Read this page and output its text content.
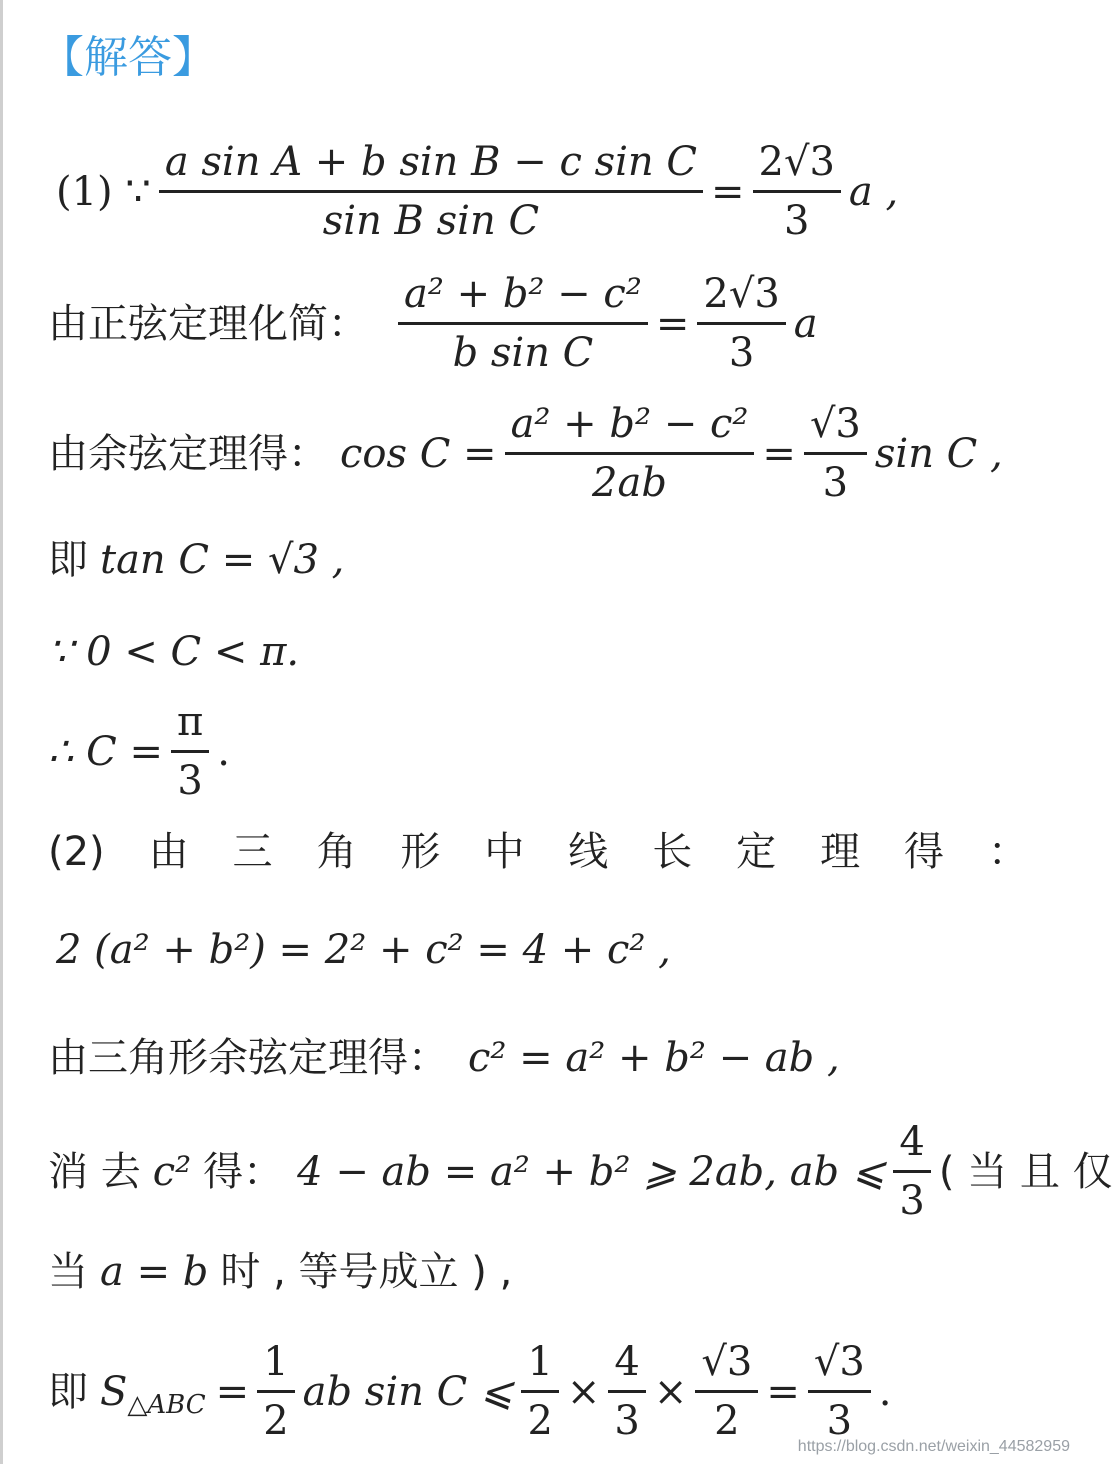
【解答】
(1) ∵ $\frac{\text{a sin A + b sin B − c sin C}}{\text{sin B sin C}} = \frac{2√3}{3}$ a ,
由正弦定理化简： $\frac{\text{a² + b² − c²}}{\text{b sin C}} = \frac{2√3}{3}$ a
由余弦定理得： $\cos C = \frac{\text{a² + b² − c²}}{2ab} = \frac{√3}{3}$ sin C ,
即 tan C = √3 ,
∵ 0 < C < π.
∴ $C = \frac{\pi}{3}$ .
(2) 由 三 角 形 中 线 长 定 理 得 ：
2 (a² + b²) = 2² + c² = 4 + c² ,
由三角形余弦定理得： c² = a² + b² − ab ,
消 去 c² 得： 4 − ab = a² + b² ⩾ 2ab, ab ⩽ $\frac{4}{3}$ ( 当 且 仅
当 a = b 时 , 等号成立 ) ,
即 $S_{\triangle ABC} = \frac{1}{2}$ ab sin C ⩽ $\frac{1}{2} \times \frac{4}{3} \times \frac{√3}{2} = \frac{√3}{3}$ .
https://blog.csdn.net/weixin_44582959
